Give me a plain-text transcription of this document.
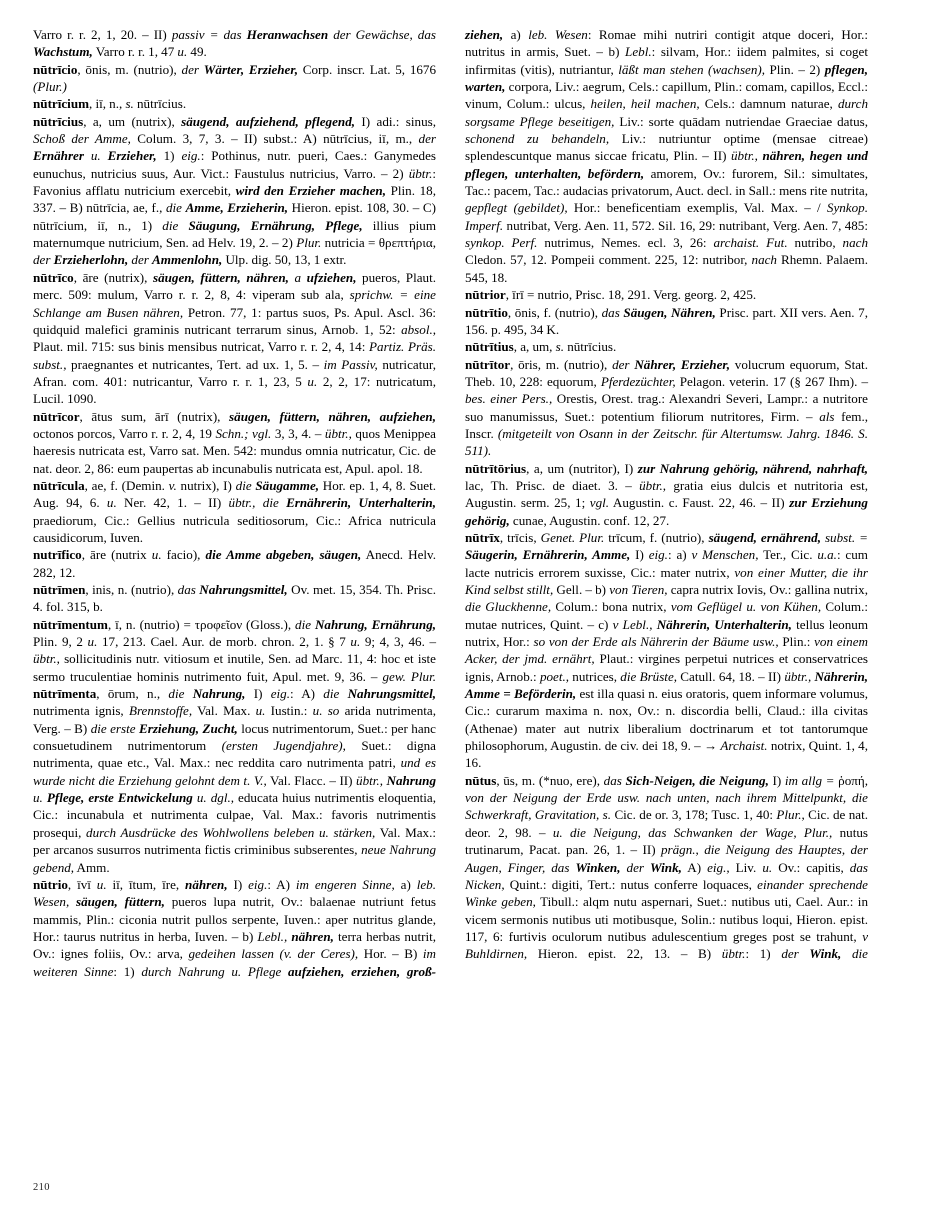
Varro r. r. 2, 1, 20. – II) passiv = das Heranwachsen der Gewächse, das Wachstum, Varro r. r. 1, 47 u. 49.

nūtrīcio, ōnis, m. (nutrio), der Wärter, Erzieher, Corp. inscr. Lat. 5, 1676 (Plur.)

nūtrīcium, iī, n., s. nūtrīcius.

nūtrīcius, a, um (nutrix), säugend, aufziehend, pflegend, I) adi.: sinus, Schoß der Amme, Colum. 3, 7, 3. – II) subst.: A) nūtrīcius, iī, m., der Ernährer u. Erzieher, 1) eig.: Pothinus, nutr. pueri, Caes.: Ganymedes eunuchus, nutricius suus, Aur. Vict.: Faustulus nutricius, Varro. – 2) übtr.: Favonius afflatu nutricium exercebit, wird den Erzieher machen, Plin. 18, 337. – B) nūtrīcia, ae, f., die Amme, Erzieherin, Hieron. epist. 108, 30. – C) nūtrīcium, iī, n., 1) die Säugung, Ernährung, Pflege, illius pium maternumque nutricium, Sen. ad Helv. 19, 2. – 2) Plur. nutricia = θρεπτήρια, der Erzieherlohn, der Ammenlohn, Ulp. dig. 50, 13, 1 extr.

nūtrīco, āre (nutrix), säugen, füttern, nähren, a ufziehen, pueros, Plaut. merc. 509: mulum, Varro r. r. 2, 8, 4: viperam sub ala, sprichw. = eine Schlange am Busen nähren, Petron. 77, 1: partus suos, Ps. Apul. Ascl. 36: quidquid malefici graminis nutricant terrarum sinus, Arnob. 1, 52: absol., Plaut. mil. 715: sus binis mensibus nutricat, Varro r. r. 2, 4, 14: Partiz. Präs. subst., praegnantes et nutricantes, Tert. ad ux. 1, 5. – im Passiv, nutricatur, Afran. com. 401: nutricantur, Varro r. r. 1, 23, 5 u. 2, 2, 17: nutricatum, Lucil. 1090.

nūtrīcor, ātus sum, ārī (nutrix), säugen, füttern, nähren, aufziehen, octonos porcos, Varro r. r. 2, 4, 19 Schn.; vgl. 3, 3, 4. – übtr., quos Menippea haeresis nutricata est, Varro sat. Men. 542: mundus omnia nutricatur, Cic. de nat. deor. 2, 86: eum paupertas ab incunabulis nutricata est, Apul. apol. 18.

nūtrīcula, ae, f. (Demin. v. nutrix), I) die Säugamme, Hor. ep. 1, 4, 8. Suet. Aug. 94, 6. u. Ner. 42, 1. – II) übtr., die Ernährerin, Unterhalterin, praediorum, Cic.: Gellius nutricula seditiosorum, Cic.: Africa nutricula causidicorum, Iuven.

nutrīfico, āre (nutrix u. facio), die Amme abgeben, säugen, Anecd. Helv. 282, 12.

nūtrīmen, inis, n. (nutrio), das Nahrungsmittel, Ov. met. 15, 354. Th. Prisc. 4. fol. 315, b.

nūtrīmentum, ī, n. (nutrio) = τροφεῖον (Gloss.), die Nahrung, Ernährung, Plin. 9, 2 u. 17, 213. Cael. Aur. de morb. chron. 2, 1. § 7 u. 9; 4, 3, 46. – übtr., sollicitudinis nutr. vitiosum et inutile, Sen. ad Marc. 11, 4: hoc et iste sermo truculentiae hominis nutrimento fuit, Apul. met. 9, 36. – gew. Plur. nūtrīmenta, ōrum, n., die Nahrung, I) eig.: A) die Nahrungsmittel, nutrimenta ignis, Brennstoffe, Val. Max. u. Iustin.: u. so arida nutrimenta, Verg. – B) die erste Erziehung, Zucht, locus nutrimentorum, Suet.: per hanc consuetudinem nutrimentorum (ersten Jugendjahre), Suet.: digna nutrimenta, quae etc., Val. Max.: nec reddita caro nutrimenta patri, und es wurde nicht die Erziehung gelohnt dem t. V., Val. Flacc. – II) übtr., Nahrung u. Pflege, erste Entwickelung u. dgl., educata huius nutrimentis eloquentia, Cic.: incunabula et nutrimenta culpae, Val. Max.: favoris nutrimentis prosequi, durch Ausdrücke des Wohlwollens beleben u. stärken, Val. Max.: per arcanos susurros nutrimenta fictis criminibus subserentes, neue Nahrung gebend, Amm.

nūtrio, īvī u. iī, ītum, īre, nähren, I) eig.: A) im engeren Sinne, a) leb. Wesen, säugen, füttern, pueros lupa nutrit, Ov.: balaenae nutriunt fetus mammis, Plin.: ciconia nutrit pullos serpente, Iuven.: aper nutritus glande, Hor.: taurus nutritus in herba, Iuven. – b) Lebl., nähren, terra herbas nutrit, Ov.: ignes foliis, Ov.: arva, gedeihen lassen (v. der Ceres), Hor. – B) im weiteren Sinne: 1) durch Nahrung u. Pflege aufziehen, erziehen, groß-

ziehen, a) leb. Wesen: Romae mihi nutriri contigit atque doceri, Hor.: nutritus in armis, Suet. – b) Lebl.: silvam, Hor.: iidem palmites, si coget infirmitas (vitis), nutriantur, läßt man stehen (wachsen), Plin. – 2) pflegen, warten, corpora, Liv.: aegrum, Cels.: capillum, Plin.: comam, capillos, Eccl.: vinum, Colum.: ulcus, heilen, heil machen, Cels.: damnum naturae, durch sorgsame Pflege beseitigen, Liv.: sorte quādam nutriendae Graeciae datus, schonend zu behandeln, Liv.: nutriuntur optime (mensae citreae) splendescuntque manus siccae fricatu, Plin. – II) übtr., nähren, hegen und pflegen, unterhalten, befördern, amorem, Ov.: furorem, Sil.: simultates, Tac.: pacem, Tac.: audacias privatorum, Auct. decl. in Sall.: mens rite nutrita, gepflegt (gebildet), Hor.: beneficentiam exemplis, Val. Max. – / Synkop. Imperf. nutribat, Verg. Aen. 11, 572. Sil. 16, 29: nutribant, Verg. Aen. 7, 485: synkop. Perf. nutrimus, Nemes. ecl. 3, 26: archaist. Fut. nutribo, nach Cledon. 57, 12. Pompeii comment. 225, 12: nutribor, nach Rhemn. Palaem. 545, 18.

nūtrior, īrī = nutrio, Prisc. 18, 291. Verg. georg. 2, 425.

nūtrītio, ōnis, f. (nutrio), das Säugen, Nähren, Prisc. part. XII vers. Aen. 7, 156. p. 495, 34 K.

nūtrītius, a, um, s. nūtrīcius.

nūtrītor, ōris, m. (nutrio), der Nährer, Erzieher, volucrum equorum, Stat. Theb. 10, 228: equorum, Pferdezüchter, Pelagon. veterin. 17 (§ 267 Ihm). – bes. einer Pers., Orestis, Orest. trag.: Alexandri Severi, Lampr.: a nutritore suo manumissus, Suet.: potentium filiorum nutritores, Firm. – als fem., Inscr. (mitgeteilt von Osann in der Zeitschr. für Altertumsw. Jahrg. 1846. S. 511).

nūtrītōrius, a, um (nutritor), I) zur Nahrung gehörig, nährend, nahrhaft, lac, Th. Prisc. de diaet. 3. – übtr., gratia eius dulcis et nutritoria est, Augustin. serm. 25, 1; vgl. Augustin. c. Faust. 22, 46. – II) zur Erziehung gehörig, cunae, Augustin. conf. 12, 27.

nūtrīx, trīcis, Genet. Plur. trīcum, f. (nutrio), säugend, ernährend, subst. = Säugerin, Ernährerin, Amme, I) eig.: a) v Menschen, Ter., Cic. u.a.: cum lacte nutricis errorem suxisse, Cic.: mater nutrix, von einer Mutter, die ihr Kind selbst stillt, Gell. – b) von Tieren, capra nutrix Iovis, Ov.: gallina nutrix, die Gluckhenne, Colum.: bona nutrix, vom Geflügel u. von Kühen, Colum.: mutae nutrices, Quint. – c) v Lebl., Nährerin, Unterhalterin, tellus leonum nutrix, Hor.: so von der Erde als Nährerin der Bäume usw., Plin.: von einem Acker, der jmd. ernährt, Plaut.: virgines perpetui nutrices et conservatrices ignis, Arnob.: poet., nutrices, die Brüste, Catull. 64, 18. – II) übtr., Nährerin, Amme = Beförderin, est illa quasi n. eius oratoris, quem informare volumus, Cic.: curarum maxima n. nox, Ov.: n. discordia belli, Claud.: illa civitas (Athenae) mater aut nutrix liberalium doctrinarum et tot tantorumque philosophorum, Augustin. de civ. dei 18, 9. – → Archaist. notrix, Quint. 1, 4, 16.

nūtus, ūs, m. (*nuo, ere), das Sich-Neigen, die Neigung, I) im allg = ῥοπή, von der Neigung der Erde usw. nach unten, nach ihrem Mittelpunkt, die Schwerkraft, Gravitation, s. Cic. de or. 3, 178; Tusc. 1, 40: Plur., Cic. de nat. deor. 2, 98. – u. die Neigung, das Schwanken der Wage, Plur., nutus trutinarum, Pacat. pan. 26, 1. – II) prägn., die Neigung des Hauptes, der Augen, Finger, das Winken, der Wink, A) eig., Liv. u. Ov.: capitis, das Nicken, Quint.: digiti, Tert.: nutus conferre loquaces, einander sprechende Winke geben, Tibull.: alqm nutu aspernari, Suet.: nutibus uti, Cael. Aur.: in vicem sermonis nutibus uti motibusque, Solin.: nutibus loqui, Hieron. epist. 117, 6: furtivis oculorum nutibus adulescentium greges post se trahunt, v Buhldirnen, Hieron. epist. 22, 13. – B) übtr.: 1) der Wink, die

210
